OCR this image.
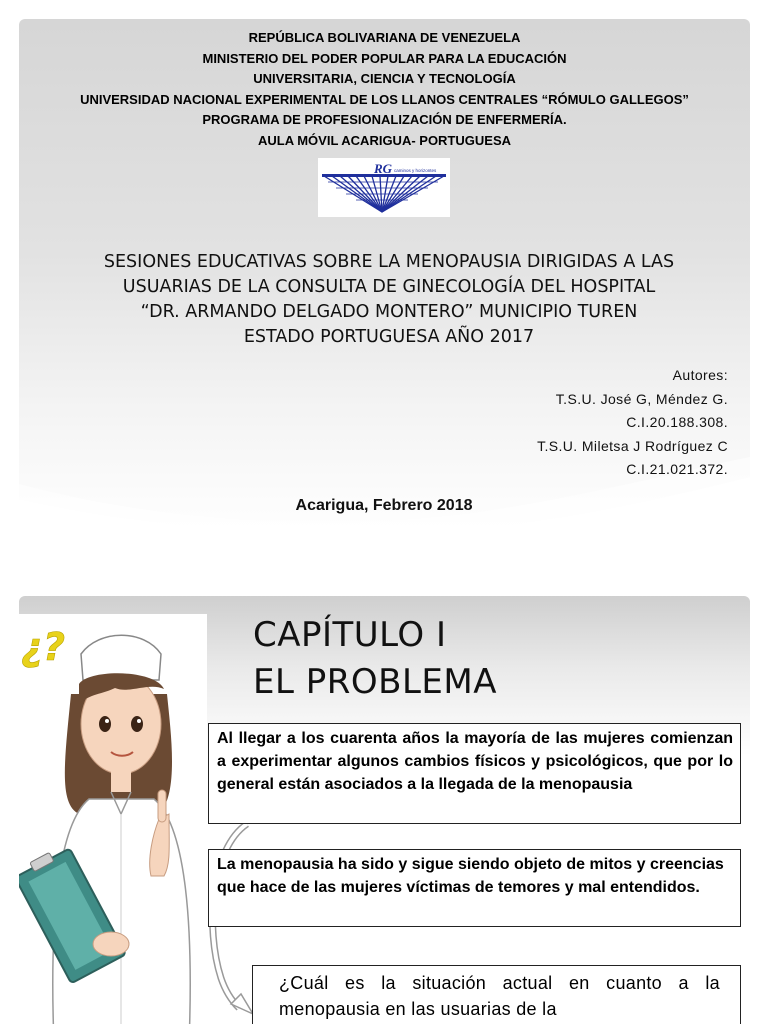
REPÚBLICA BOLIVARIANA DE VENEZUELA
MINISTERIO DEL PODER POPULAR PARA LA EDUCACIÓN
UNIVERSITARIA, CIENCIA Y TECNOLOGÍA
UNIVERSIDAD NACIONAL EXPERIMENTAL DE LOS LLANOS CENTRALES “RÓMULO GALLEGOS”
PROGRAMA DE PROFESIONALIZACIÓN DE ENFERMERÍA.
AULA MÓVIL ACARIGUA- PORTUGUESA
RG caminos y horizontes
SESIONES EDUCATIVAS SOBRE LA MENOPAUSIA DIRIGIDAS A LAS
USUARIAS DE LA CONSULTA DE GINECOLOGÍA DEL HOSPITAL
“DR. ARMANDO DELGADO MONTERO” MUNICIPIO TUREN
ESTADO PORTUGUESA AÑO 2017
Autores:
T.S.U. José G, Méndez G.
C.I.20.188.308.
T.S.U. Miletsa J Rodríguez C
C.I.21.021.372.
Acarigua, Febrero 2018
¿?	CAPÍTULO I
EL PROBLEMA
Al llegar a los cuarenta años la mayoría de las mujeres comienzan a experimentar algunos cambios físicos y psicológicos, que por lo general están asociados a la llegada de la menopausia
La menopausia ha sido y sigue siendo objeto de mitos y creencias que hace de las mujeres víctimas de temores y mal entendidos.
¿Cuál es la situación actual en cuanto a la menopausia en las usuarias de la
